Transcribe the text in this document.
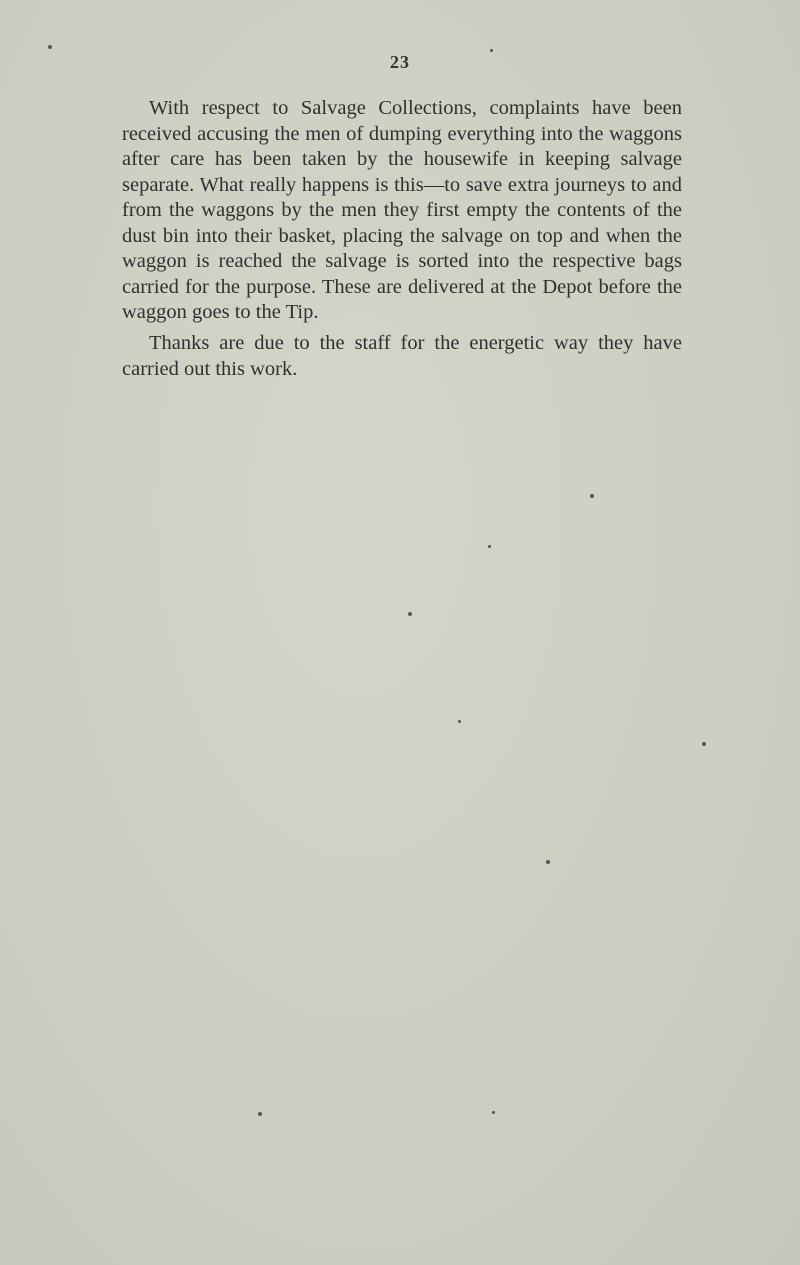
23

With respect to Salvage Collections, complaints have been received accusing the men of dumping everything into the waggons after care has been taken by the housewife in keeping salvage separate. What really happens is this—to save extra journeys to and from the waggons by the men they first empty the contents of the dust bin into their basket, placing the salvage on top and when the waggon is reached the salvage is sorted into the respective bags carried for the purpose. These are delivered at the Depot before the waggon goes to the Tip.

Thanks are due to the staff for the energetic way they have carried out this work.
